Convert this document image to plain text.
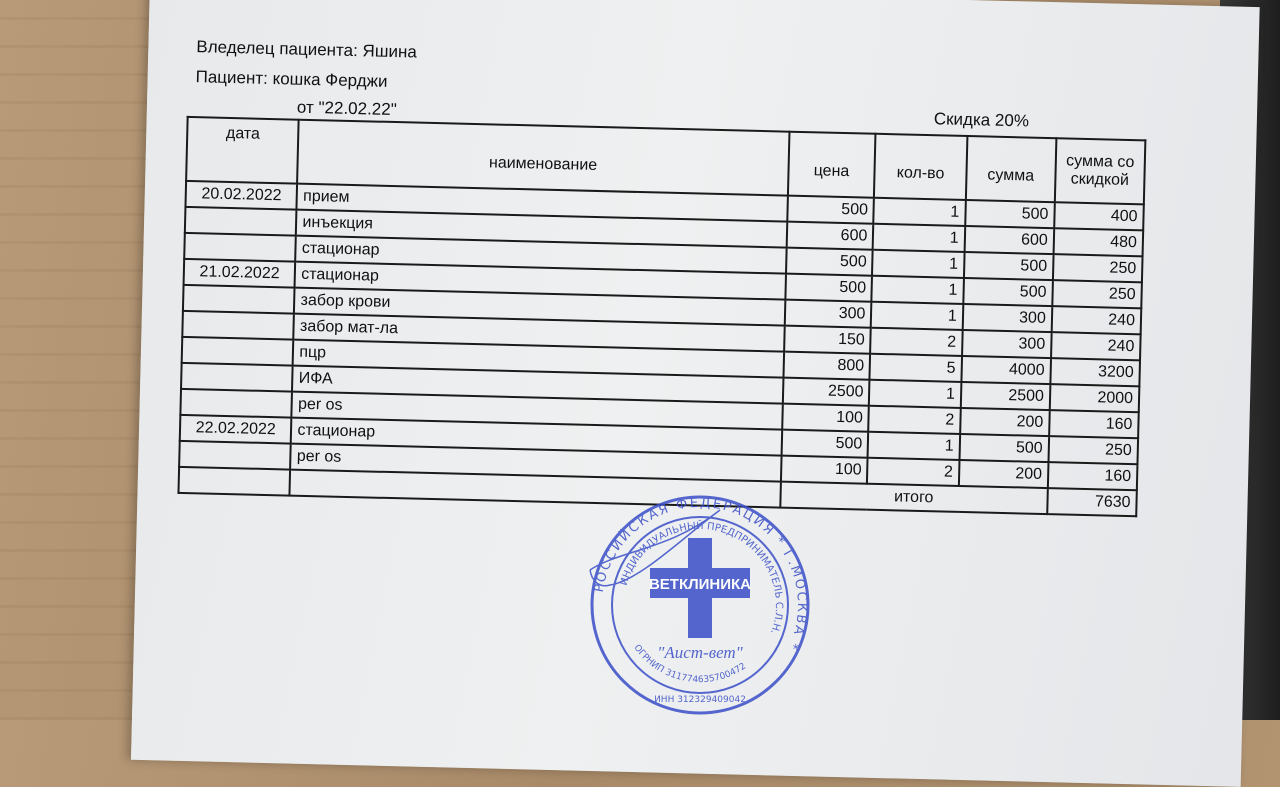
Вледелец пациента: Яшина
Пациент: кошка Ферджи
от "22.02.22"
Скидка 20%
дата	наименование	цена	кол-во	сумма	сумма со скидкой
20.02.2022	прием	500	1	500	400
	инъекция	600	1	600	480
	стационар	500	1	500	250
21.02.2022	стационар	500	1	500	250
	забор крови	300	1	300	240
	забор мат-ла	150	2	300	240
	пцр	800	5	4000	3200
	ИФА	2500	1	2500	2000
	per os	100	2	200	160
22.02.2022	стационар	500	1	500	250
	per os	100	2	200	160
		итого			7630
РОССИЙСКАЯ ФЕДЕРАЦИЯ * Г.МОСКВА *
ИНДИВИДУАЛЬНЫЙ ПРЕДПРИНИМАТЕЛЬ С.Л.Н.
ВЕТКЛИНИКА
"Аист-вет"
ОГРНИП 311774635700472
ИНН 312329409042
